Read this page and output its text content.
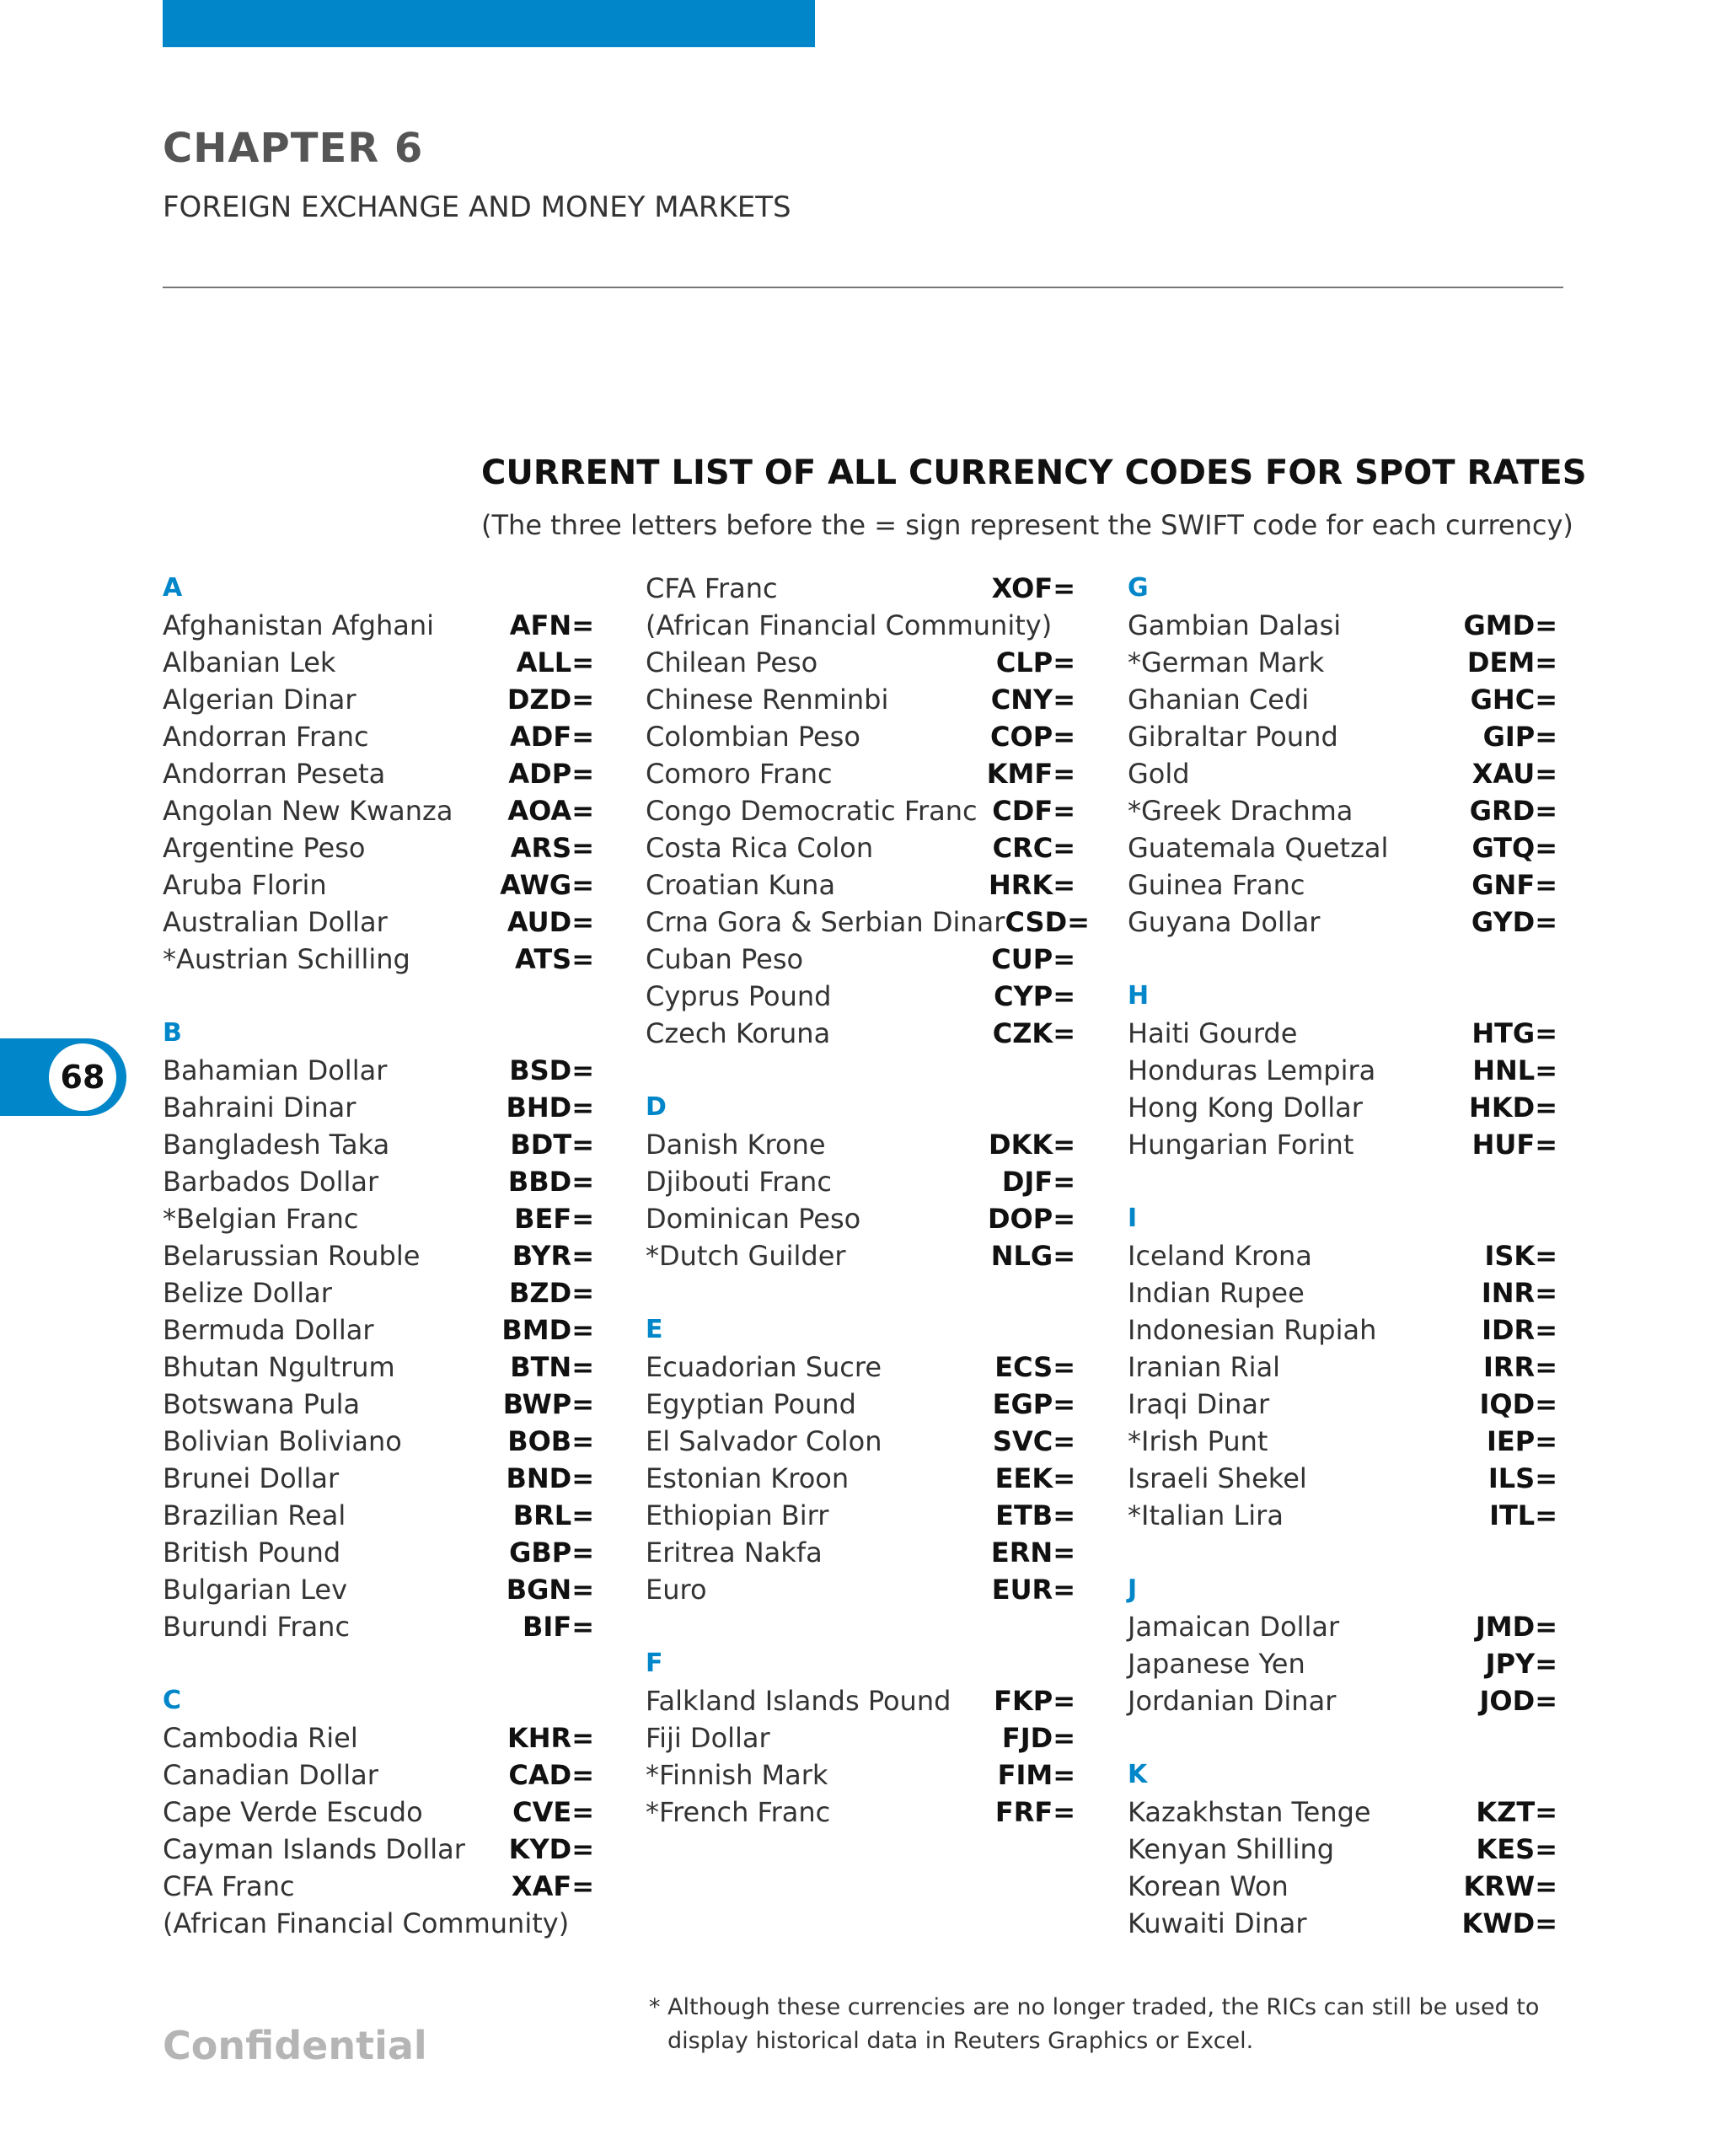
CHAPTER 6
FOREIGN EXCHANGE AND MONEY MARKETS
CURRENT LIST OF ALL CURRENCY CODES FOR SPOT RATES
(The three letters before the = sign represent the SWIFT code for each currency)
68
A
Afghanistan Afghani	AFN=
Albanian Lek	ALL=
Algerian Dinar	DZD=
Andorran Franc	ADF=
Andorran Peseta	ADP=
Angolan New Kwanza AOA=
Argentine Peso	ARS=
Aruba Florin	AWG=
Australian Dollar	AUD=
*Austrian Schilling	ATS=
B
Bahamian Dollar	BSD=
Bahraini Dinar	BHD=
Bangladesh Taka	BDT=
Barbados Dollar	BBD=
*Belgian Franc	BEF=
Belarussian Rouble	BYR=
Belize Dollar	BZD=
Bermuda Dollar	BMD=
Bhutan Ngultrum	BTN=
Botswana Pula	BWP=
Bolivian Boliviano	BOB=
Brunei Dollar	BND=
Brazilian Real	BRL=
British Pound	GBP=
Bulgarian Lev	BGN=
Burundi Franc	BIF=
C
Cambodia Riel	KHR=
Canadian Dollar	CAD=
Cape Verde Escudo	CVE=
Cayman Islands Dollar KYD=
CFA Franc	XAF=
(African Financial Community)
CFA Franc	XOF=
(African Financial Community)
Chilean Peso	CLP=
Chinese Renminbi	CNY=
Colombian Peso	COP=
Comoro Franc	KMF=
Congo Democratic Franc CDF=
Costa Rica Colon	CRC=
Croatian Kuna	HRK=
Crna Gora & Serbian Dinar CSD=
Cuban Peso	CUP=
Cyprus Pound	CYP=
Czech Koruna	CZK=
D
Danish Krone	DKK=
Djibouti Franc	DJF=
Dominican Peso	DOP=
*Dutch Guilder	NLG=
E
Ecuadorian Sucre	ECS=
Egyptian Pound	EGP=
El Salvador Colon	SVC=
Estonian Kroon	EEK=
Ethiopian Birr	ETB=
Eritrea Nakfa	ERN=
Euro	EUR=
F
Falkland Islands Pound FKP=
Fiji Dollar	FJD=
*Finnish Mark	FIM=
*French Franc	FRF=
G
Gambian Dalasi	GMD=
*German Mark	DEM=
Ghanian Cedi	GHC=
Gibraltar Pound	GIP=
Gold	XAU=
*Greek Drachma	GRD=
Guatemala Quetzal	GTQ=
Guinea Franc	GNF=
Guyana Dollar	GYD=
H
Haiti Gourde	HTG=
Honduras Lempira	HNL=
Hong Kong Dollar	HKD=
Hungarian Forint	HUF=
I
Iceland Krona	ISK=
Indian Rupee	INR=
Indonesian Rupiah	IDR=
Iranian Rial	IRR=
Iraqi Dinar	IQD=
*Irish Punt	IEP=
Israeli Shekel	ILS=
*Italian Lira	ITL=
J
Jamaican Dollar	JMD=
Japanese Yen	JPY=
Jordanian Dinar	JOD=
K
Kazakhstan Tenge	KZT=
Kenyan Shilling	KES=
Korean Won	KRW=
Kuwaiti Dinar	KWD=
* Although these currencies are no longer traded, the RICs can still be used to display historical data in Reuters Graphics or Excel.
Confidential
